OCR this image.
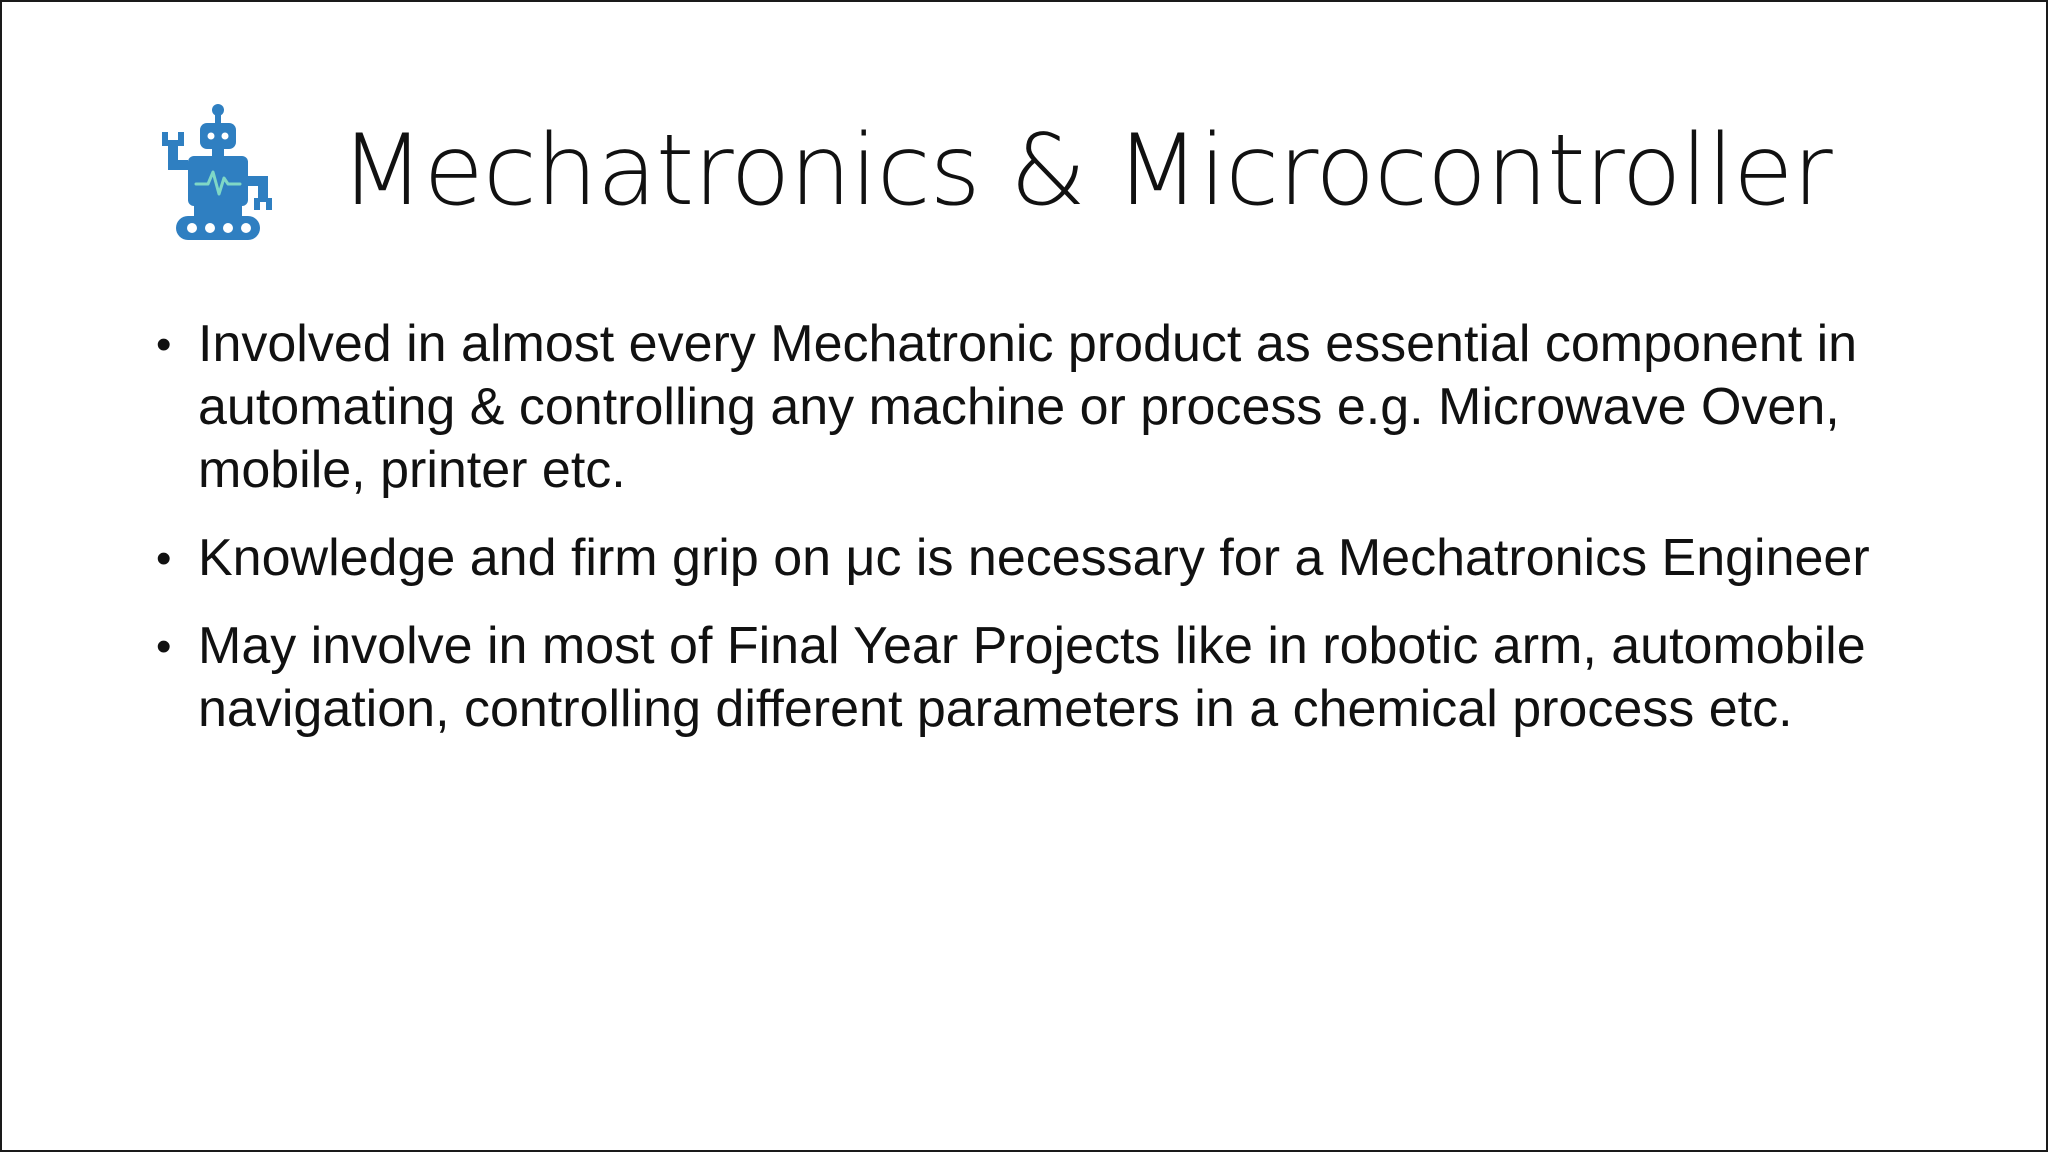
Mechatronics & Microcontroller
• Involved in almost every Mechatronic product as essential component in automating & controlling any machine or process e.g. Microwave Oven, mobile, printer etc.
• Knowledge and firm grip on μc is necessary for a Mechatronics Engineer
• May involve in most of Final Year Projects like in robotic arm, automobile navigation, controlling different parameters in a chemical process etc.
